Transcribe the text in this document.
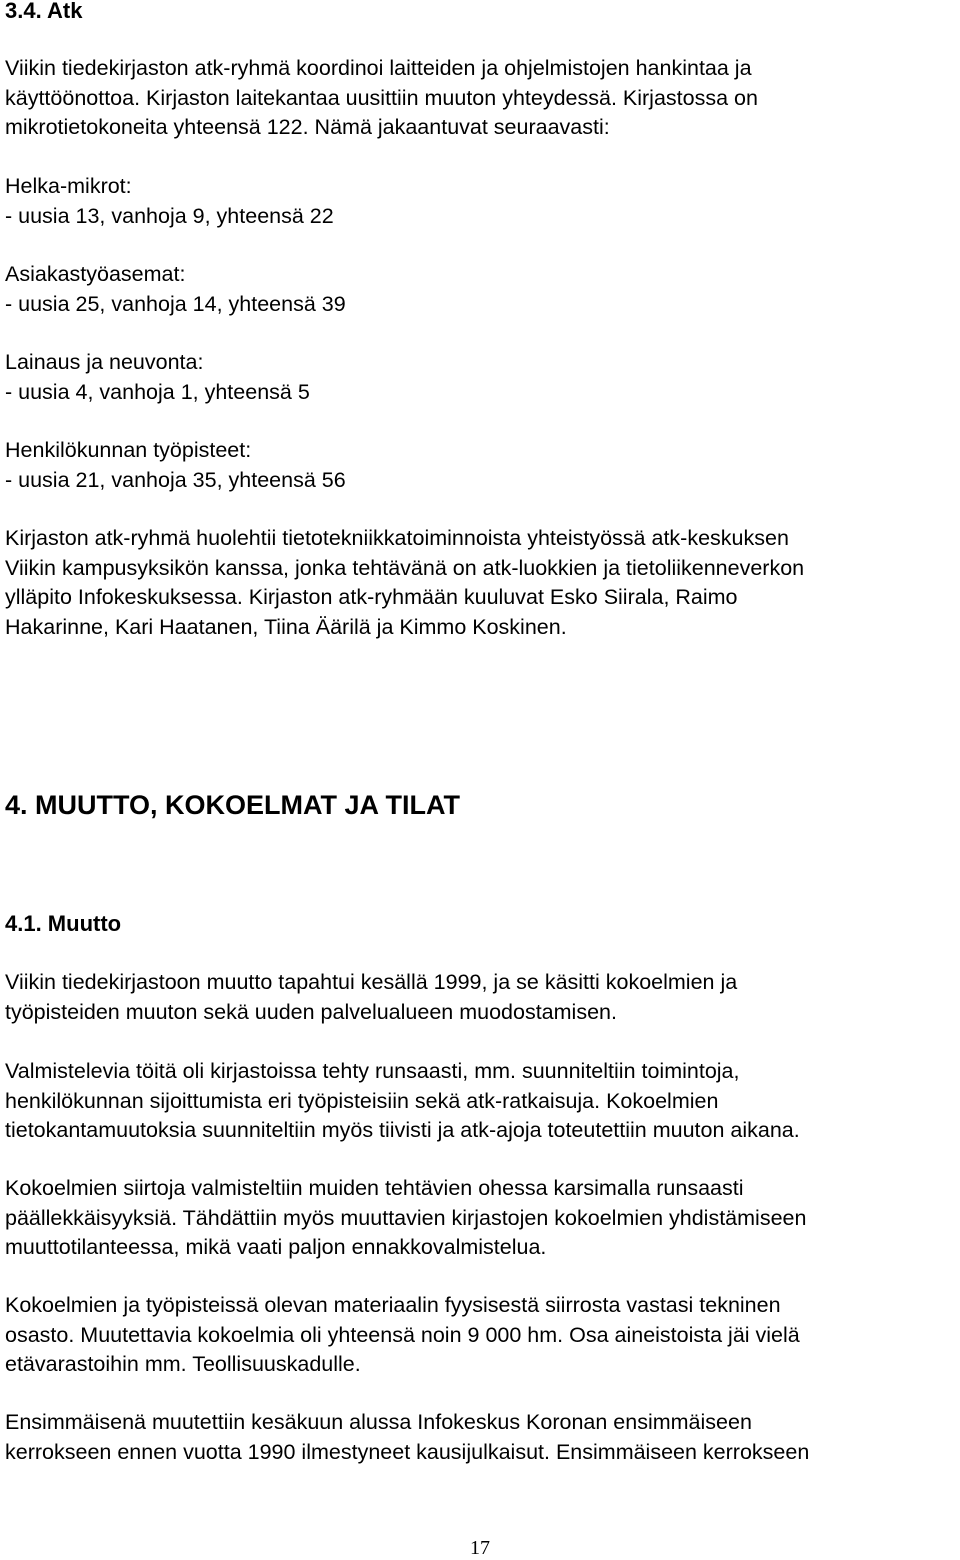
3.4. Atk
Viikin tiedekirjaston atk-ryhmä koordinoi laitteiden ja ohjelmistojen hankintaa ja
käyttöönottoa. Kirjaston laitekantaa uusittiin muuton yhteydessä. Kirjastossa on
mikrotietokoneita yhteensä 122. Nämä jakaantuvat seuraavasti:
Helka-mikrot:
- uusia 13, vanhoja 9, yhteensä 22
Asiakastyöasemat:
- uusia 25, vanhoja 14, yhteensä 39
Lainaus ja neuvonta:
- uusia 4, vanhoja 1, yhteensä 5
Henkilökunnan työpisteet:
- uusia 21, vanhoja 35, yhteensä 56
Kirjaston atk-ryhmä huolehtii tietotekniikkatoiminnoista yhteistyössä atk-keskuksen
Viikin kampusyksikön kanssa, jonka tehtävänä on atk-luokkien ja tietoliikenneverkon
ylläpito Infokeskuksessa. Kirjaston atk-ryhmään kuuluvat Esko Siirala, Raimo
Hakarinne, Kari Haatanen, Tiina Äärilä ja Kimmo Koskinen.
4. MUUTTO, KOKOELMAT JA TILAT
4.1. Muutto
Viikin tiedekirjastoon muutto tapahtui kesällä 1999, ja se käsitti kokoelmien ja
työpisteiden muuton sekä uuden palvelualueen muodostamisen.
Valmistelevia töitä oli kirjastoissa tehty runsaasti, mm. suunniteltiin toimintoja,
henkilökunnan sijoittumista eri työpisteisiin sekä atk-ratkaisuja. Kokoelmien
tietokantamuutoksia suunniteltiin myös tiivisti ja atk-ajoja toteutettiin muuton aikana.
Kokoelmien siirtoja valmisteltiin muiden tehtävien ohessa karsimalla runsaasti
päällekkäisyyksiä. Tähdättiin myös muuttavien kirjastojen kokoelmien yhdistämiseen
muuttotilanteessa, mikä vaati paljon ennakkovalmistelua.
Kokoelmien ja työpisteissä olevan materiaalin fyysisestä siirrosta vastasi tekninen
osasto. Muutettavia kokoelmia oli yhteensä noin 9 000 hm. Osa aineistoista jäi vielä
etävarastoihin mm. Teollisuuskadulle.
Ensimmäisenä muutettiin kesäkuun alussa Infokeskus Koronan ensimmäiseen
kerrokseen ennen vuotta 1990 ilmestyneet kausijulkaisut. Ensimmäiseen kerrokseen
17
